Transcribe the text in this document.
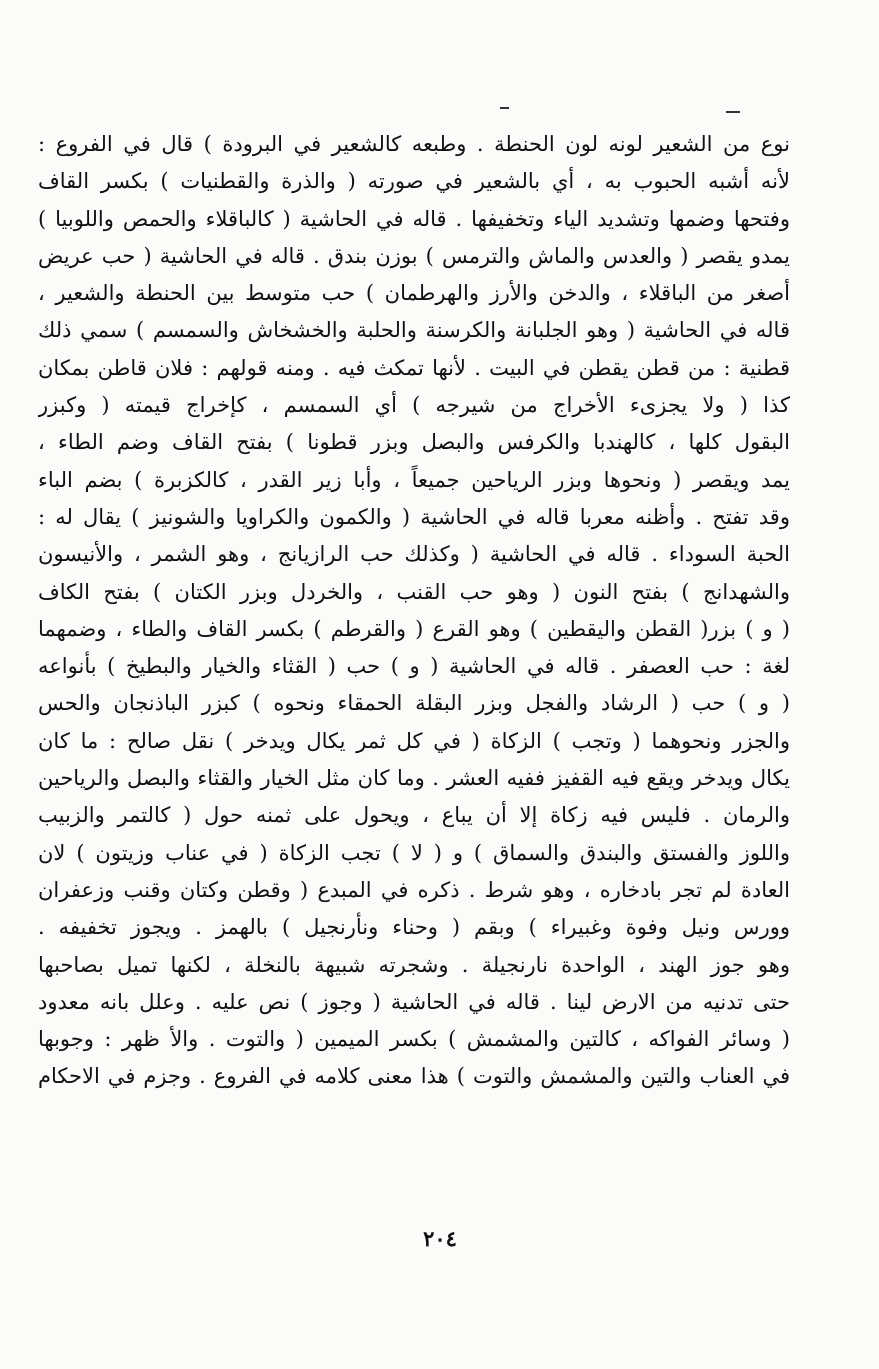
نوع من الشعير لونه لون الحنطة . وطبعه كالشعير في البرودة ) قال في الفروع :
لأنه أشبه الحبوب به ، أي بالشعير في صورته ( والذرة والقطنيات ) بكسر القاف
وفتحها وضمها وتشديد الياء وتخفيفها . قاله في الحاشية ( كالباقلاء والحمص واللوبيا )
يمدو يقصر ( والعدس والماش والترمس ) بوزن بندق . قاله في الحاشية ( حب عريض
أصغر من الباقلاء ، والدخن والأرز والهرطمان ) حب متوسط بين الحنطة والشعير ،
قاله في الحاشية ( وهو الجلبانة والكرسنة والحلبة والخشخاش والسمسم ) سمي ذلك
قطنية : من قطن يقطن في البيت . لأنها تمكث فيه . ومنه قولهم : فلان قاطن بمكان
كذا ( ولا يجزىء الأخراج من شيرجه ) أي السمسم ، كإخراج قيمته ( وكبزر
البقول كلها ، كالهندبا والكرفس والبصل وبزر قطونا ) بفتح القاف وضم الطاء ،
يمد ويقصر ( ونحوها وبزر الرياحين جميعاً ، وأبا زير القدر ، كالكزبرة ) بضم الباء
وقد تفتح . وأظنه معربا قاله في الحاشية ( والكمون والكراويا والشونيز ) يقال له :
الحبة السوداء . قاله في الحاشية ( وكذلك حب الرازيانج ، وهو الشمر ، والأنيسون
والشهدانج ) بفتح النون ( وهو حب القنب ، والخردل وبزر الكتان ) بفتح الكاف
( و ) بزر( القطن واليقطين ) وهو القرع ( والقرطم ) بكسر القاف والطاء ، وضمهما
لغة : حب العصفر . قاله في الحاشية ( و ) حب ( القثاء والخيار والبطيخ ) بأنواعه
( و ) حب ( الرشاد والفجل وبزر البقلة الحمقاء ونحوه ) كبزر الباذنجان والحس
والجزر ونحوهما ( وتجب ) الزكاة ( في كل ثمر يكال ويدخر ) نقل صالح : ما كان
يكال ويدخر ويقع فيه القفيز ففيه العشر . وما كان مثل الخيار والقثاء والبصل والرياحين
والرمان . فليس فيه زكاة إلا أن يباع ، ويحول على ثمنه حول ( كالتمر والزبيب
واللوز والفستق والبندق والسماق ) و ( لا ) تجب الزكاة ( في عناب وزيتون ) لان
العادة لم تجر بادخاره ، وهو شرط . ذكره في المبدع ( وقطن وكتان وقنب وزعفران
وورس ونيل وفوة وغبيراء ) وبقم ( وحناء ونأرنجيل ) بالهمز . ويجوز تخفيفه .
وهو جوز الهند ، الواحدة نارنجيلة . وشجرته شبيهة بالنخلة ، لكنها تميل بصاحبها
حتى تدنيه من الارض لينا . قاله في الحاشية ( وجوز ) نص عليه . وعلل بانه معدود
( وسائر الفواكه ، كالتين والمشمش ) بكسر الميمين ( والتوت . والأ ظهر : وجوبها
في العناب والتين والمشمش والتوت ) هذا معنى كلامه في الفروع . وجزم في الاحكام
٢٠٤
